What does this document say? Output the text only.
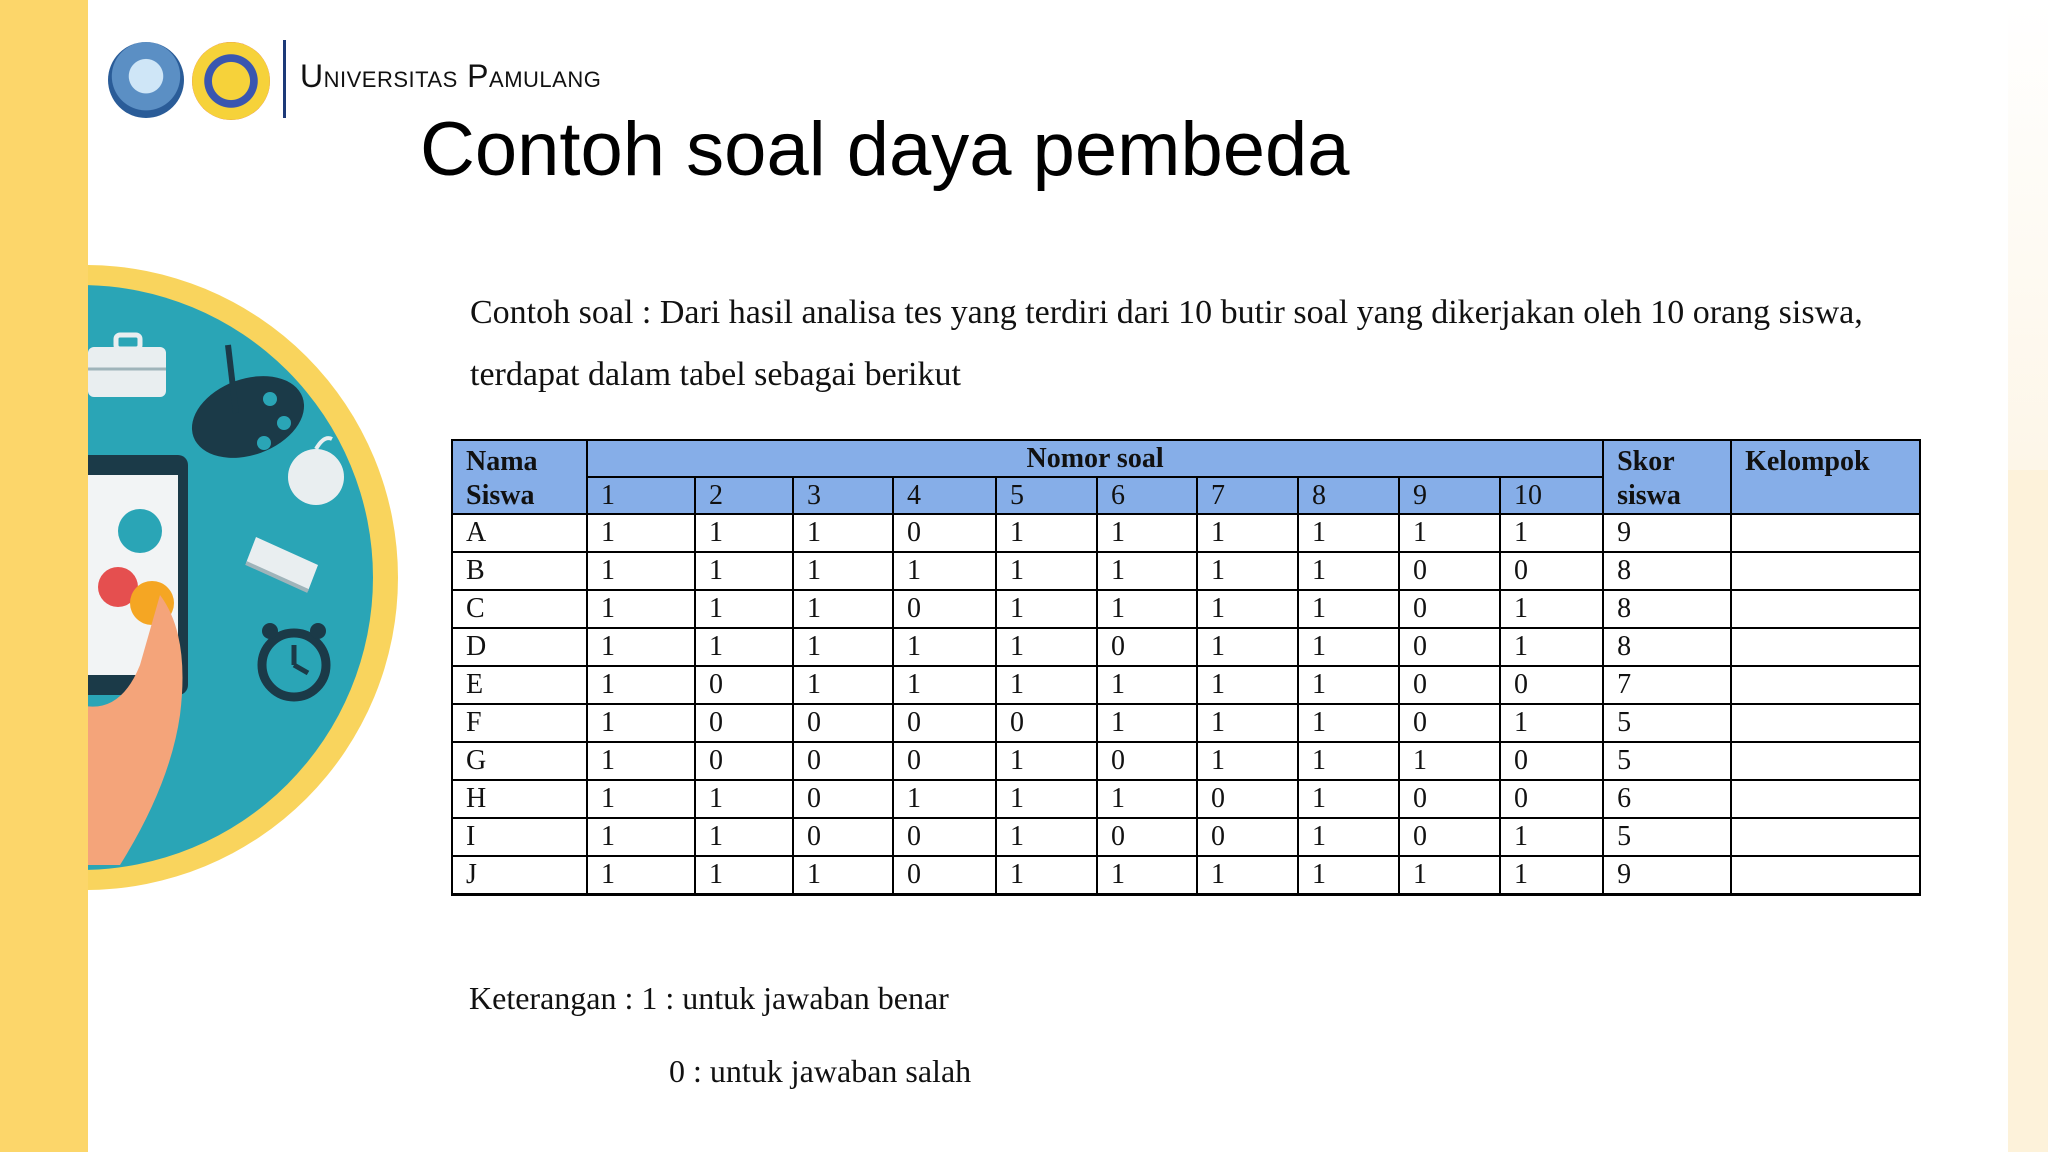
Universitas Pamulang
Contoh soal daya pembeda
Contoh soal : Dari hasil analisa tes yang terdiri dari 10 butir soal yang dikerjakan oleh 10 orang siswa, terdapat dalam tabel sebagai berikut
Nama Siswa	Nomor soal										Skor siswa	Kelompok
	1	2	3	4	5	6	7	8	9	10		
A	1	1	1	0	1	1	1	1	1	1	9	
B	1	1	1	1	1	1	1	1	0	0	8	
C	1	1	1	0	1	1	1	1	0	1	8	
D	1	1	1	1	1	0	1	1	0	1	8	
E	1	0	1	1	1	1	1	1	0	0	7	
F	1	0	0	0	0	1	1	1	0	1	5	
G	1	0	0	0	1	0	1	1	1	0	5	
H	1	1	0	1	1	1	0	1	0	0	6	
I	1	1	0	0	1	0	0	1	0	1	5	
J	1	1	1	0	1	1	1	1	1	1	9	
Keterangan : 1 : untuk jawaban benar
0 : untuk jawaban salah
